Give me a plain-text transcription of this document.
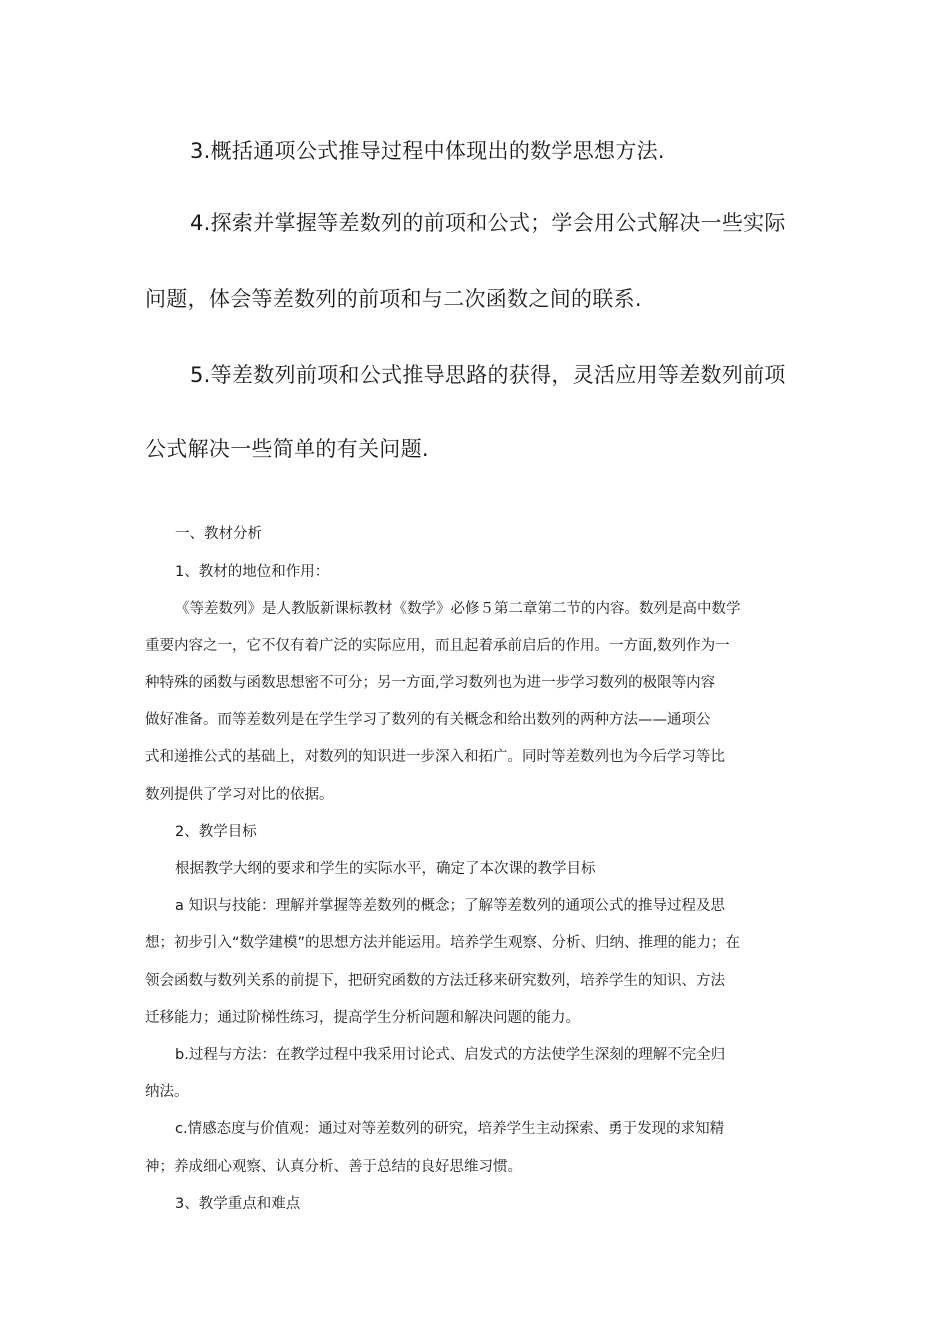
3.概括通项公式推导过程中体现出的数学思想方法.
4.探索并掌握等差数列的前项和公式；学会用公式解决一些实际
问题，体会等差数列的前项和与二次函数之间的联系.
5.等差数列前项和公式推导思路的获得，灵活应用等差数列前项
公式解决一些简单的有关问题.
一、教材分析
1、教材的地位和作用：
《等差数列》是人教版新课标教材《数学》必修５第二章第二节的内容。数列是高中数学
重要内容之一，它不仅有着广泛的实际应用，而且起着承前启后的作用。一方面,数列作为一
种特殊的函数与函数思想密不可分；另一方面,学习数列也为进一步学习数列的极限等内容
做好准备。而等差数列是在学生学习了数列的有关概念和给出数列的两种方法——通项公
式和递推公式的基础上，对数列的知识进一步深入和拓广。同时等差数列也为今后学习等比
数列提供了学习对比的依据。
2、教学目标
根据教学大纲的要求和学生的实际水平，确定了本次课的教学目标
a 知识与技能：理解并掌握等差数列的概念；了解等差数列的通项公式的推导过程及思
想；初步引入“数学建模”的思想方法并能运用。培养学生观察、分析、归纳、推理的能力；在
领会函数与数列关系的前提下，把研究函数的方法迁移来研究数列，培养学生的知识、方法
迁移能力；通过阶梯性练习，提高学生分析问题和解决问题的能力。
b.过程与方法：在教学过程中我采用讨论式、启发式的方法使学生深刻的理解不完全归
纳法。
c.情感态度与价值观：通过对等差数列的研究，培养学生主动探索、勇于发现的求知精
神；养成细心观察、认真分析、善于总结的良好思维习惯。
3、教学重点和难点
